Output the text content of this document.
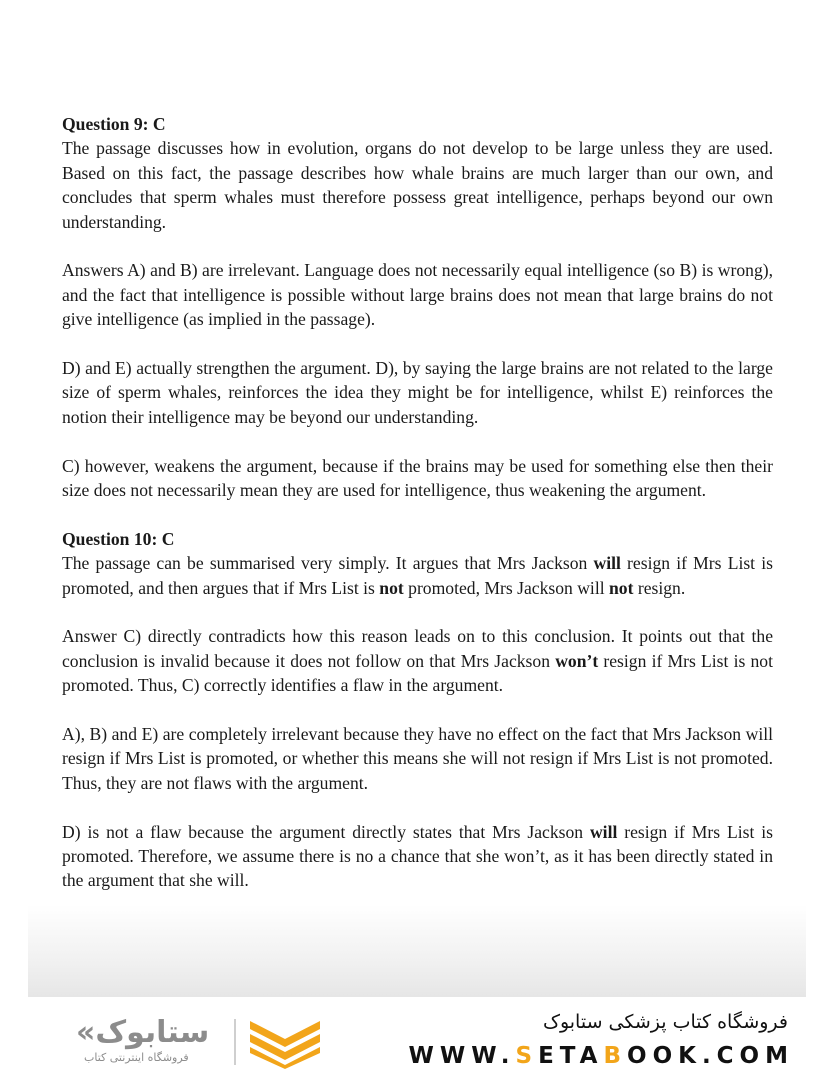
Question 9: C

The passage discusses how in evolution, organs do not develop to be large unless they are used. Based on this fact, the passage describes how whale brains are much larger than our own, and concludes that sperm whales must therefore possess great intelligence, perhaps beyond our own understanding.

Answers A) and B) are irrelevant. Language does not necessarily equal intelligence (so B) is wrong), and the fact that intelligence is possible without large brains does not mean that large brains do not give intelligence (as implied in the passage).

D) and E) actually strengthen the argument. D), by saying the large brains are not related to the large size of sperm whales, reinforces the idea they might be for intelligence, whilst E) reinforces the notion their intelligence may be beyond our understanding.

C) however, weakens the argument, because if the brains may be used for something else then their size does not necessarily mean they are used for intelligence, thus weakening the argument.

Question 10: C

The passage can be summarised very simply. It argues that Mrs Jackson will resign if Mrs List is promoted, and then argues that if Mrs List is not promoted, Mrs Jackson will not resign.

Answer C) directly contradicts how this reason leads on to this conclusion. It points out that the conclusion is invalid because it does not follow on that Mrs Jackson won’t resign if Mrs List is not promoted. Thus, C) correctly identifies a flaw in the argument.

A), B) and E) are completely irrelevant because they have no effect on the fact that Mrs Jackson will resign if Mrs List is promoted, or whether this means she will not resign if Mrs List is not promoted. Thus, they are not flaws with the argument.

D) is not a flaw because the argument directly states that Mrs Jackson will resign if Mrs List is promoted. Therefore, we assume there is no a chance that she won’t, as it has been directly stated in the argument that she will.

«ستابوک
فروشگاه اینترنتی کتاب
فروشگاه کتاب پزشکی ستابوک
WWW.SETABOOK.COM
